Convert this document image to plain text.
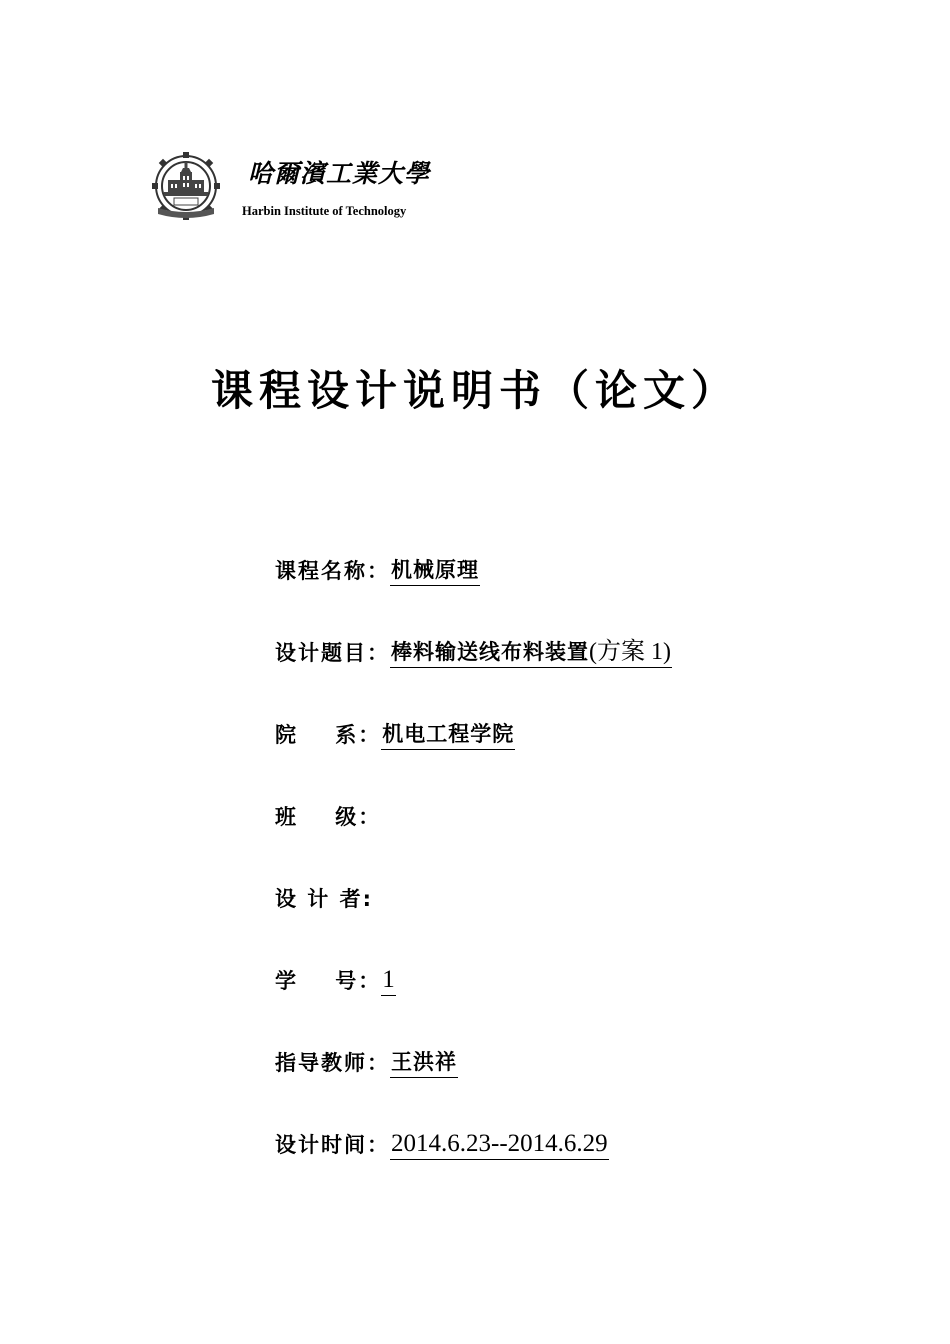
哈爾濱工業大學
Harbin Institute of Technology
课程设计说明书（论文）
课程名称： 机械原理
设计题目： 棒料输送线布料装置(方案 1)
院    系： 机电工程学院
班    级：
设 计 者:
学    号： 1
指导教师： 王洪祥
设计时间： 2014.6.23--2014.6.29
